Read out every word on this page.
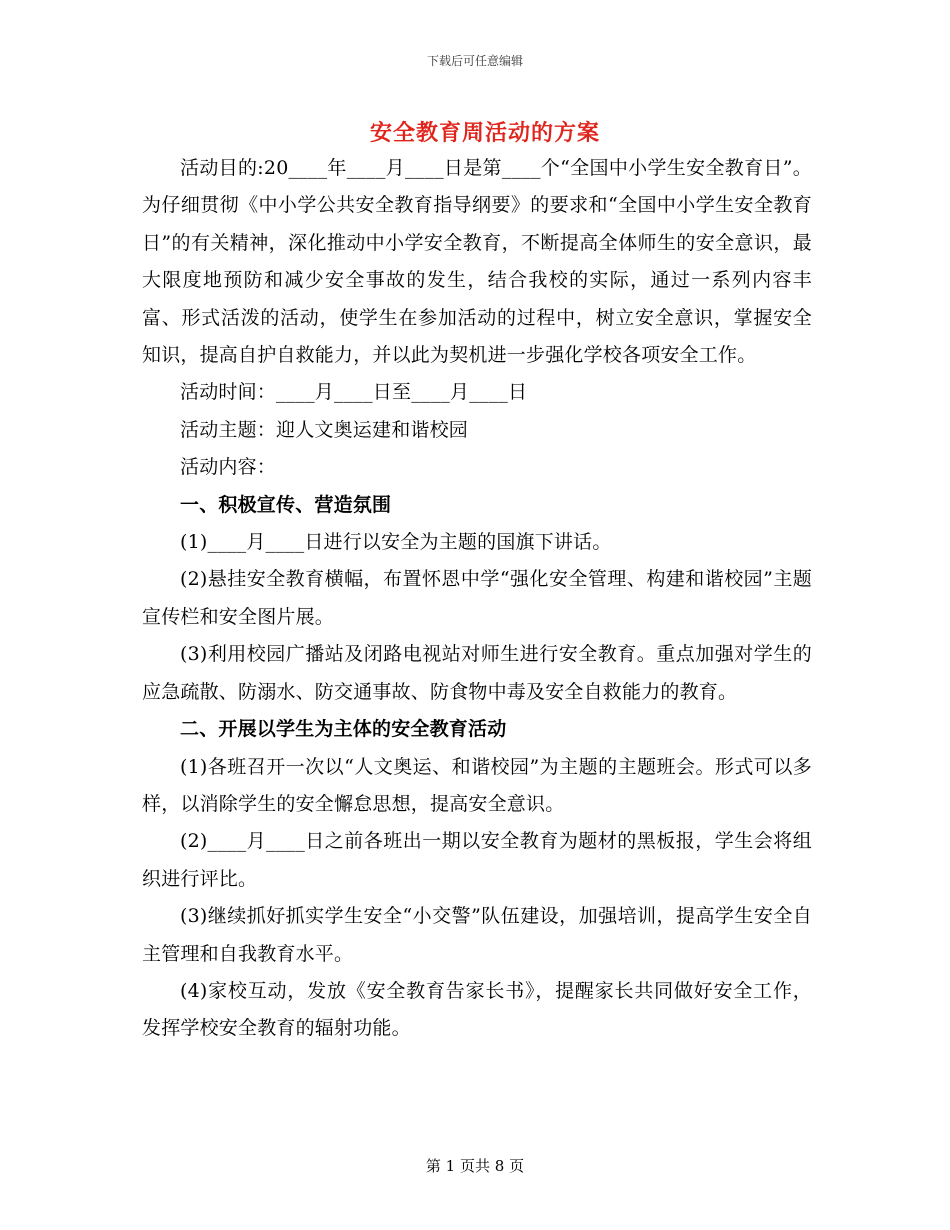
下载后可任意编辑
安全教育周活动的方案

活动目的:20____年____月____日是第____个“全国中小学生安全教育日”。为仔细贯彻《中小学公共安全教育指导纲要》的要求和“全国中小学生安全教育日”的有关精神，深化推动中小学安全教育，不断提高全体师生的安全意识，最大限度地预防和减少安全事故的发生，结合我校的实际，通过一系列内容丰富、形式活泼的活动，使学生在参加活动的过程中，树立安全意识，掌握安全知识，提高自护自救能力，并以此为契机进一步强化学校各项安全工作。

活动时间：____月____日至____月____日

活动主题：迎人文奥运建和谐校园

活动内容：

一、积极宣传、营造氛围

(1)____月____日进行以安全为主题的国旗下讲话。

(2)悬挂安全教育横幅，布置怀恩中学“强化安全管理、构建和谐校园”主题宣传栏和安全图片展。

(3)利用校园广播站及闭路电视站对师生进行安全教育。重点加强对学生的应急疏散、防溺水、防交通事故、防食物中毒及安全自救能力的教育。

二、开展以学生为主体的安全教育活动

(1)各班召开一次以“人文奥运、和谐校园”为主题的主题班会。形式可以多样，以消除学生的安全懈怠思想，提高安全意识。

(2)____月____日之前各班出一期以安全教育为题材的黑板报，学生会将组织进行评比。

(3)继续抓好抓实学生安全“小交警”队伍建设，加强培训，提高学生安全自主管理和自我教育水平。

(4)家校互动，发放《安全教育告家长书》，提醒家长共同做好安全工作，发挥学校安全教育的辐射功能。

第 1 页共 8 页
